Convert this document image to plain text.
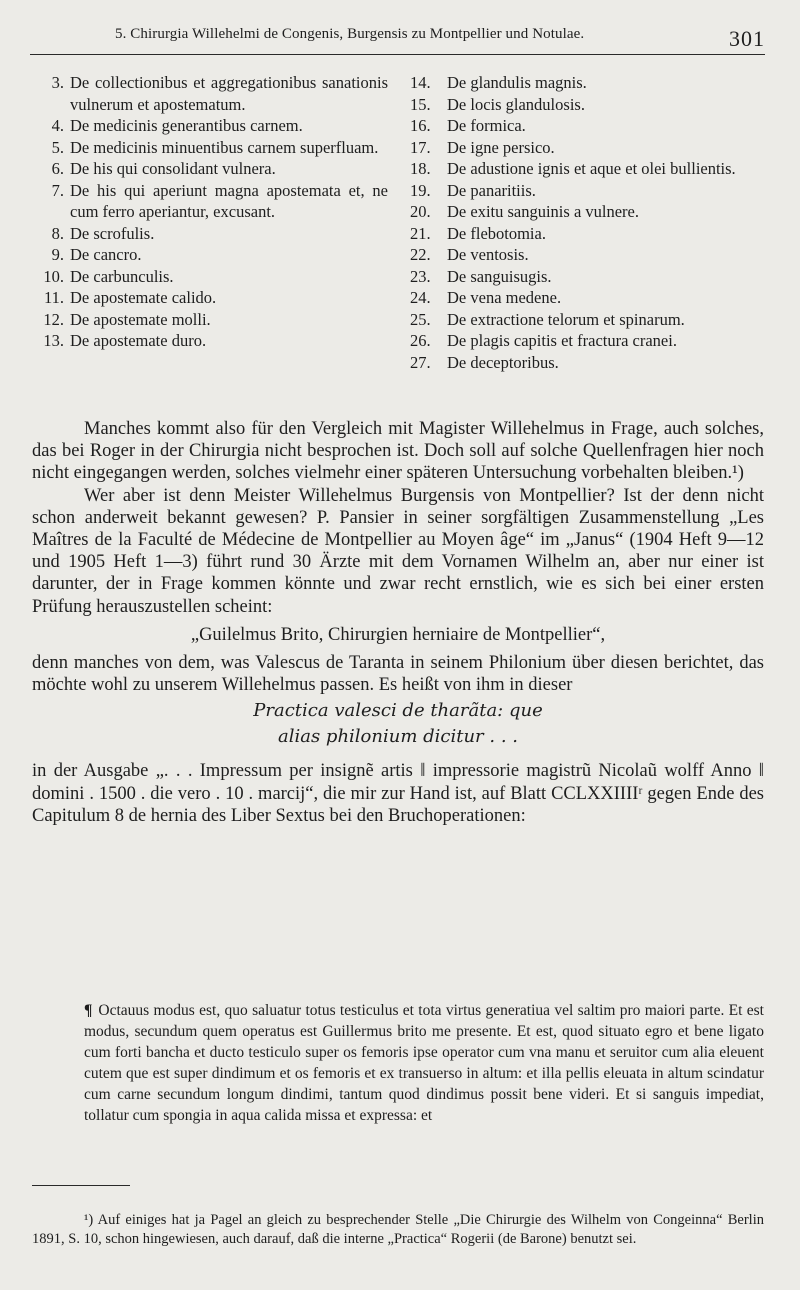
5. Chirurgia Willehelmi de Congenis, Burgensis zu Montpellier und Notulae.	301
3. De collectionibus et aggregationibus sanationis vulnerum et apostematum.
4. De medicinis generantibus carnem.
5. De medicinis minuentibus carnem superfluam.
6. De his qui consolidant vulnera.
7. De his qui aperiunt magna apostemata et, ne cum ferro aperiantur, excusant.
8. De scrofulis.
9. De cancro.
10. De carbunculis.
11. De apostemate calido.
12. De apostemate molli.
13. De apostemate duro.
14. De glandulis magnis.
15. De locis glandulosis.
16. De formica.
17. De igne persico.
18. De adustione ignis et aque et olei bullientis.
19. De panaritiis.
20. De exitu sanguinis a vulnere.
21. De flebotomia.
22. De ventosis.
23. De sanguisugis.
24. De vena medene.
25. De extractione telorum et spinarum.
26. De plagis capitis et fractura cranei.
27. De deceptoribus.

Manches kommt also für den Vergleich mit Magister Willehelmus in Frage, auch solches, das bei Roger in der Chirurgia nicht besprochen ist. Doch soll auf solche Quellenfragen hier noch nicht eingegangen werden, solches vielmehr einer späteren Untersuchung vorbehalten bleiben.¹)

Wer aber ist denn Meister Willehelmus Burgensis von Montpellier? Ist der denn nicht schon anderweit bekannt gewesen? P. Pansier in seiner sorgfältigen Zusammenstellung „Les Maîtres de la Faculté de Médecine de Montpellier au Moyen âge“ im „Janus“ (1904 Heft 9—12 und 1905 Heft 1—3) führt rund 30 Ärzte mit dem Vornamen Wilhelm an, aber nur einer ist darunter, der in Frage kommen könnte und zwar recht ernstlich, wie es sich bei einer ersten Prüfung herauszustellen scheint:

„Guilelmus Brito, Chirurgien herniaire de Montpellier“,

denn manches von dem, was Valescus de Taranta in seinem Philonium über diesen berichtet, das möchte wohl zu unserem Willehelmus passen. Es heißt von ihm in dieser

Practica valesci de tharãta: que
alias philonium dicitur . . .

in der Ausgabe „. . . Impressum per insignẽ artis ‖ impressorie magistrũ Nicolaũ wolff Anno ‖ domini . 1500 . die vero . 10 . marcij“, die mir zur Hand ist, auf Blatt CCLXXIIIIʳ gegen Ende des Capitulum 8 de hernia des Liber Sextus bei den Bruchoperationen:

¶ Octauus modus est, quo saluatur totus testiculus et tota virtus generatiua vel saltim pro maiori parte. Et est modus, secundum quem operatus est Guillermus brito me presente. Et est, quod situato egro et bene ligato cum forti bancha et ducto testiculo super os femoris ipse operator cum vna manu et seruitor cum alia eleuent cutem que est super dindimum et os femoris et ex transuerso in altum: et illa pellis eleuata in altum scindatur cum carne secundum longum dindimi, tantum quod dindimus possit bene videri. Et si sanguis impediat, tollatur cum spongia in aqua calida missa et expressa: et

¹) Auf einiges hat ja Pagel an gleich zu besprechender Stelle „Die Chirurgie des Wilhelm von Congeinna“ Berlin 1891, S. 10, schon hingewiesen, auch darauf, daß die interne „Practica“ Rogerii (de Barone) benutzt sei.
